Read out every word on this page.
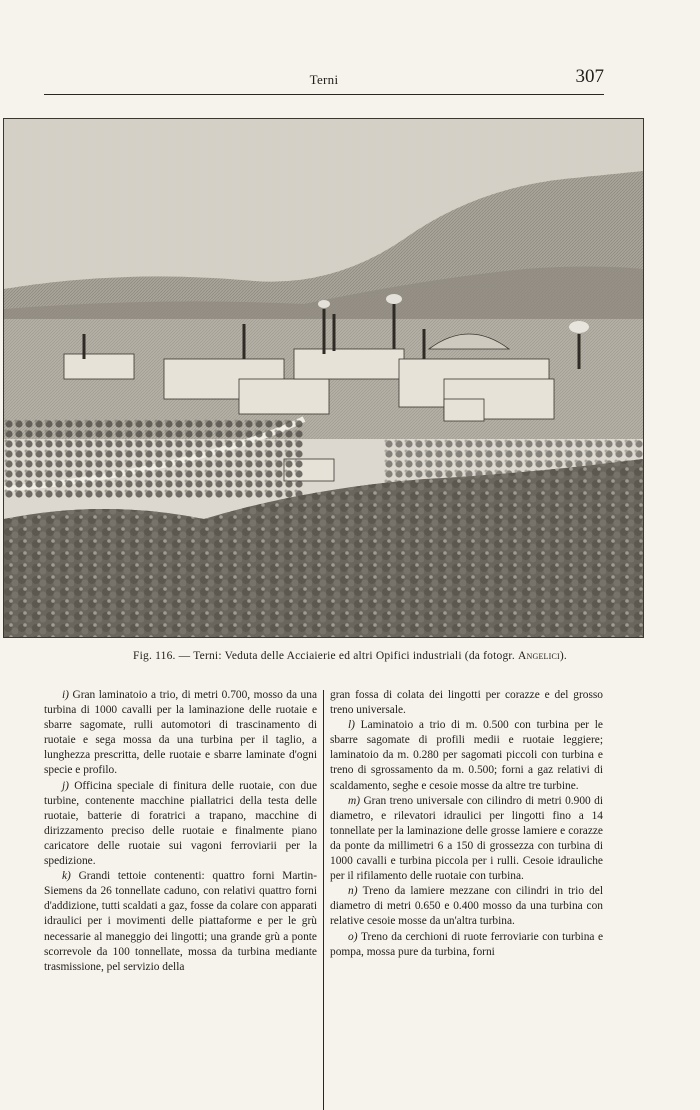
Terni	307
Fig. 116. — Terni: Veduta delle Acciaierie ed altri Opifici industriali (da fotogr. Angelici).

i) Gran laminatoio a trio, di metri 0.700, mosso da una turbina di 1000 cavalli per la laminazione delle ruotaie e sbarre sagomate, rulli automotori di trascinamento di ruotaie e sega mossa da una turbina per il taglio, a lunghezza prescritta, delle ruotaie e sbarre laminate d'ogni specie e profilo.

j) Officina speciale di finitura delle ruotaie, con due turbine, contenente macchine piallatrici della testa delle ruotaie, batterie di foratrici a trapano, macchine di dirizzamento preciso delle ruotaie e finalmente piano caricatore delle ruotaie sui vagoni ferroviarii per la spedizione.

k) Grandi tettoie contenenti: quattro forni Martin-Siemens da 26 tonnellate caduno, con relativi quattro forni d'addizione, tutti scaldati a gaz, fosse da colare con apparati idraulici per i movimenti delle piattaforme e per le grù necessarie al maneggio dei lingotti; una grande grù a ponte scorrevole da 100 tonnellate, mossa da turbina mediante trasmissione, pel servizio della

gran fossa di colata dei lingotti per corazze e del grosso treno universale.

l) Laminatoio a trio di m. 0.500 con turbina per le sbarre sagomate di profili medii e ruotaie leggiere; laminatoio da m. 0.280 per sagomati piccoli con turbina e treno di sgrossamento da m. 0.500; forni a gaz relativi di scaldamento, seghe e cesoie mosse da altre tre turbine.

m) Gran treno universale con cilindro di metri 0.900 di diametro, e rilevatori idraulici per lingotti fino a 14 tonnellate per la laminazione delle grosse lamiere e corazze da ponte da millimetri 6 a 150 di grossezza con turbina di 1000 cavalli e turbina piccola per i rulli. Cesoie idrauliche per il rifilamento delle ruotaie con turbina.

n) Treno da lamiere mezzane con cilindri in trio del diametro di metri 0.650 e 0.400 mosso da una turbina con relative cesoie mosse da un'altra turbina.

o) Treno da cerchioni di ruote ferroviarie con turbina e pompa, mossa pure da turbina, forni
